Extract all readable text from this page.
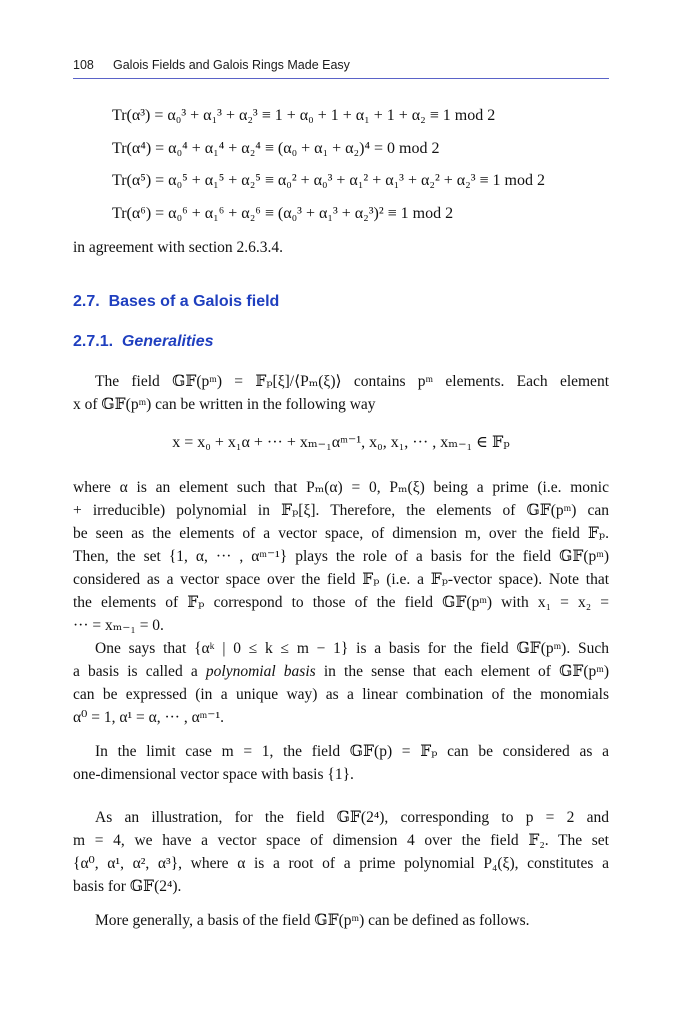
108 Galois Fields and Galois Rings Made Easy
Tr(α³) = α₀³ + α₁³ + α₂³ ≡ 1 + α₀ + 1 + α₁ + 1 + α₂ ≡ 1 mod 2
Tr(α⁴) = α₀⁴ + α₁⁴ + α₂⁴ ≡ (α₀ + α₁ + α₂)⁴ = 0 mod 2
Tr(α⁵) = α₀⁵ + α₁⁵ + α₂⁵ ≡ α₀² + α₀³ + α₁² + α₁³ + α₂² + α₂³ ≡ 1 mod 2
Tr(α⁶) = α₀⁶ + α₁⁶ + α₂⁶ ≡ (α₀³ + α₁³ + α₂³)² ≡ 1 mod 2
in agreement with section 2.6.3.4.
2.7. Bases of a Galois field
2.7.1. Generalities
The field 𝔾𝔽(pᵐ) = 𝔽ₚ[ξ]/⟨Pₘ(ξ)⟩ contains pᵐ elements. Each element
x of 𝔾𝔽(pᵐ) can be written in the following way
x = x₀ + x₁α + ··· + xₘ₋₁αᵐ⁻¹, x₀, x₁, ··· , xₘ₋₁ ∈ 𝔽ₚ
where α is an element such that Pₘ(α) = 0, Pₘ(ξ) being a prime (i.e. monic
+ irreducible) polynomial in 𝔽ₚ[ξ]. Therefore, the elements of 𝔾𝔽(pᵐ) can
be seen as the elements of a vector space, of dimension m, over the field 𝔽ₚ.
Then, the set {1, α, ··· , αᵐ⁻¹} plays the role of a basis for the field 𝔾𝔽(pᵐ)
considered as a vector space over the field 𝔽ₚ (i.e. a 𝔽ₚ-vector space). Note that
the elements of 𝔽ₚ correspond to those of the field 𝔾𝔽(pᵐ) with x₁ = x₂ =
··· = xₘ₋₁ = 0.
One says that {αᵏ | 0 ≤ k ≤ m − 1} is a basis for the field 𝔾𝔽(pᵐ). Such
a basis is called a polynomial basis in the sense that each element of 𝔾𝔽(pᵐ)
can be expressed (in a unique way) as a linear combination of the monomials
α⁰ = 1, α¹ = α, ··· , αᵐ⁻¹.
In the limit case m = 1, the field 𝔾𝔽(p) = 𝔽ₚ can be considered as a
one-dimensional vector space with basis {1}.
As an illustration, for the field 𝔾𝔽(2⁴), corresponding to p = 2 and
m = 4, we have a vector space of dimension 4 over the field 𝔽₂. The set
{α⁰, α¹, α², α³}, where α is a root of a prime polynomial P₄(ξ), constitutes a
basis for 𝔾𝔽(2⁴).
More generally, a basis of the field 𝔾𝔽(pᵐ) can be defined as follows.
